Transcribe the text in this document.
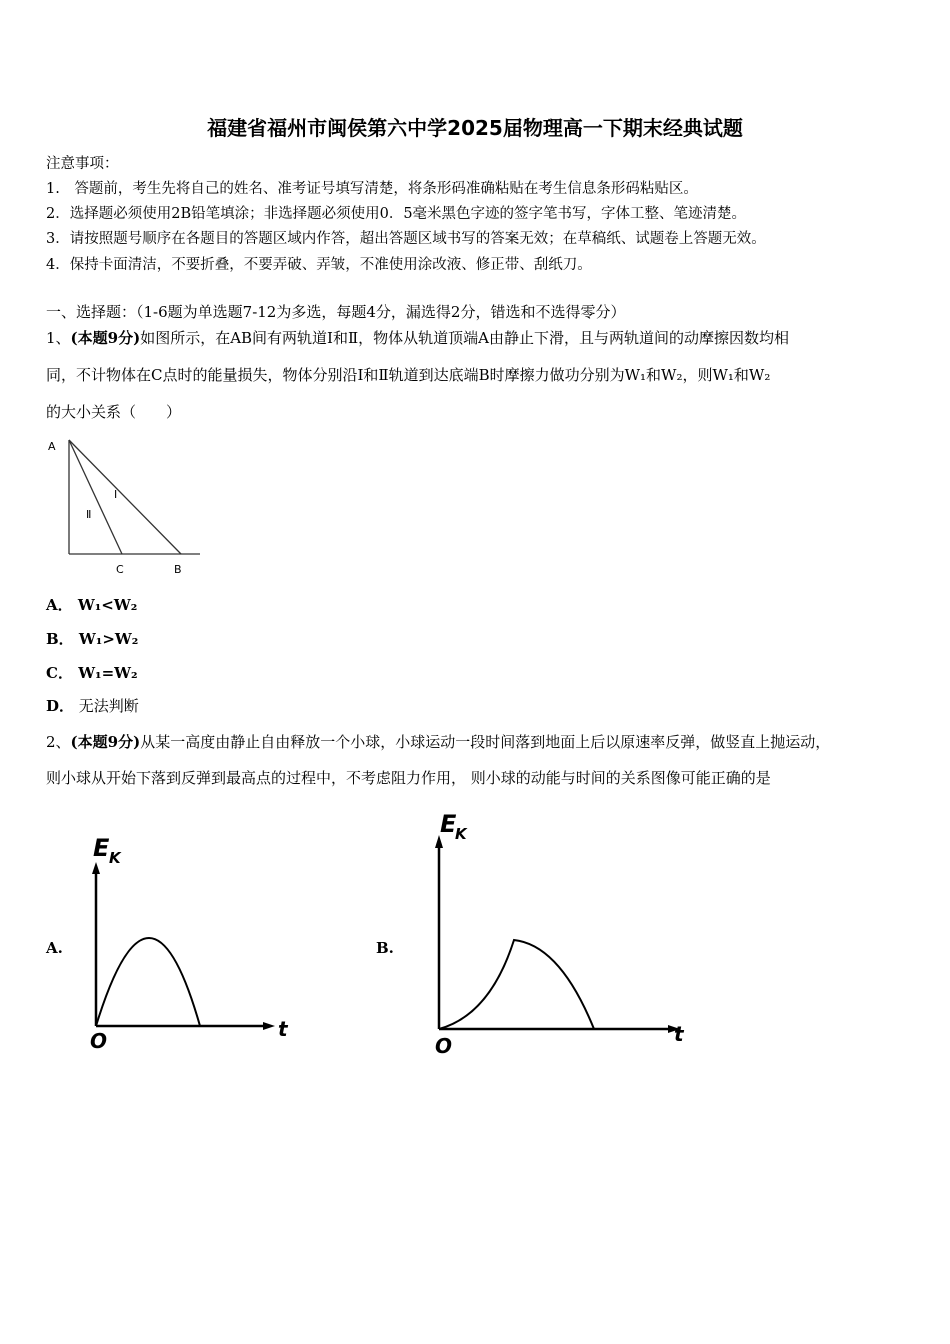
福建省福州市闽侯第六中学2025届物理高一下期末经典试题
注意事项：
1.　答题前，考生先将自己的姓名、准考证号填写清楚，将条形码准确粘贴在考生信息条形码粘贴区。
2．选择题必须使用2B铅笔填涂；非选择题必须使用0．5毫米黑色字迹的签字笔书写，字体工整、笔迹清楚。
3．请按照题号顺序在各题目的答题区域内作答，超出答题区域书写的答案无效；在草稿纸、试题卷上答题无效。
4．保持卡面清洁，不要折叠，不要弄破、弄皱，不准使用涂改液、修正带、刮纸刀。
一、选择题：（1-6题为单选题7-12为多选，每题4分，漏选得2分，错选和不选得零分）
1、(本题9分)如图所示，在AB间有两轨道Ⅰ和Ⅱ，物体从轨道顶端A由静止下滑，且与两轨道间的动摩擦因数均相
同，不计物体在C点时的能量损失，物体分别沿Ⅰ和Ⅱ轨道到达底端B时摩擦力做功分别为W₁和W₂，则W₁和W₂
的大小关系（　　）
A
Ⅰ
Ⅱ
C	B
A． W₁<W₂
B． W₁>W₂
C． W₁=W₂
D． 无法判断
2、(本题9分)从某一高度由静止自由释放一个小球，小球运动一段时间落到地面上后以原速率反弹，做竖直上抛运动，
则小球从开始下落到反弹到最高点的过程中，不考虑阻力作用， 则小球的动能与时间的关系图像可能正确的是
A.
E K
t
O
B.
E
K
t
O
